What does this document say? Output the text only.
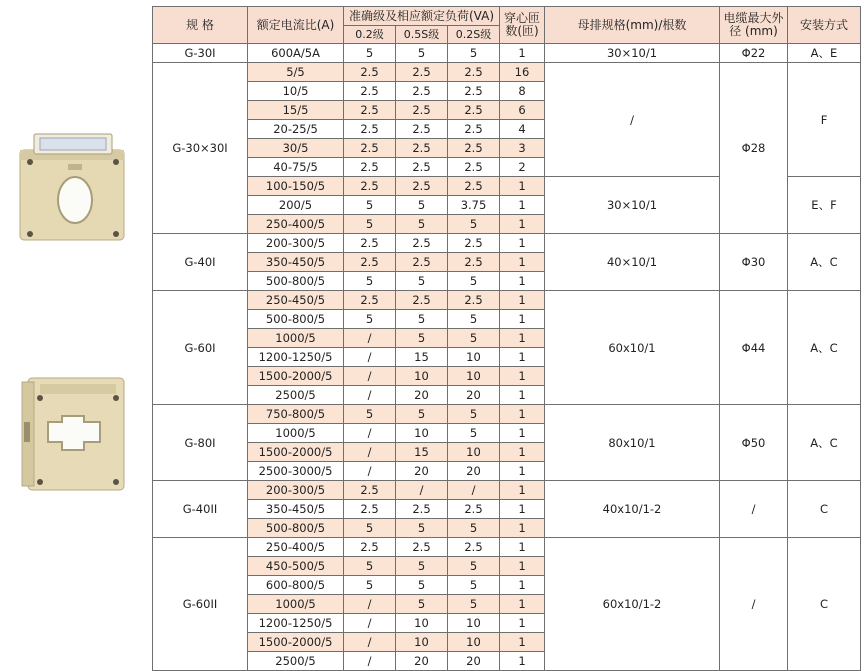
规 格	额定电流比(A)	准确级及相应额定负荷(VA)			穿心匝数(匝)	母排规格(mm)/根数	电缆最大外径 (mm)	安装方式
		0.2级	0.5S级	0.2S级				
G-30I	600A/5A	5	5	5	1	30×10/1	Φ22	A、E
G-30×30I	5/5	2.5	2.5	2.5	16	/	Φ28	F
	10/5	2.5	2.5	2.5	8			
	15/5	2.5	2.5	2.5	6			
	20-25/5	2.5	2.5	2.5	4			
	30/5	2.5	2.5	2.5	3			
	40-75/5	2.5	2.5	2.5	2			
	100-150/5	2.5	2.5	2.5	1	30×10/1		E、F
	200/5	5	5	3.75	1			
	250-400/5	5	5	5	1			
G-40I	200-300/5	2.5	2.5	2.5	1	40×10/1	Φ30	A、C
	350-450/5	2.5	2.5	2.5	1			
	500-800/5	5	5	5	1			
G-60I	250-450/5	2.5	2.5	2.5	1	60x10/1	Φ44	A、C
	500-800/5	5	5	5	1			
	1000/5	/	5	5	1			
	1200-1250/5	/	15	10	1			
	1500-2000/5	/	10	10	1			
	2500/5	/	20	20	1			
G-80I	750-800/5	5	5	5	1	80x10/1	Φ50	A、C
	1000/5	/	10	5	1			
	1500-2000/5	/	15	10	1			
	2500-3000/5	/	20	20	1			
G-40II	200-300/5	2.5	/	/	1	40x10/1-2	/	C
	350-450/5	2.5	2.5	2.5	1			
	500-800/5	5	5	5	1			
G-60II	250-400/5	2.5	2.5	2.5	1	60x10/1-2	/	C
	450-500/5	5	5	5	1			
	600-800/5	5	5	5	1			
	1000/5	/	5	5	1			
	1200-1250/5	/	10	10	1			
	1500-2000/5	/	10	10	1			
	2500/5	/	20	20	1			
